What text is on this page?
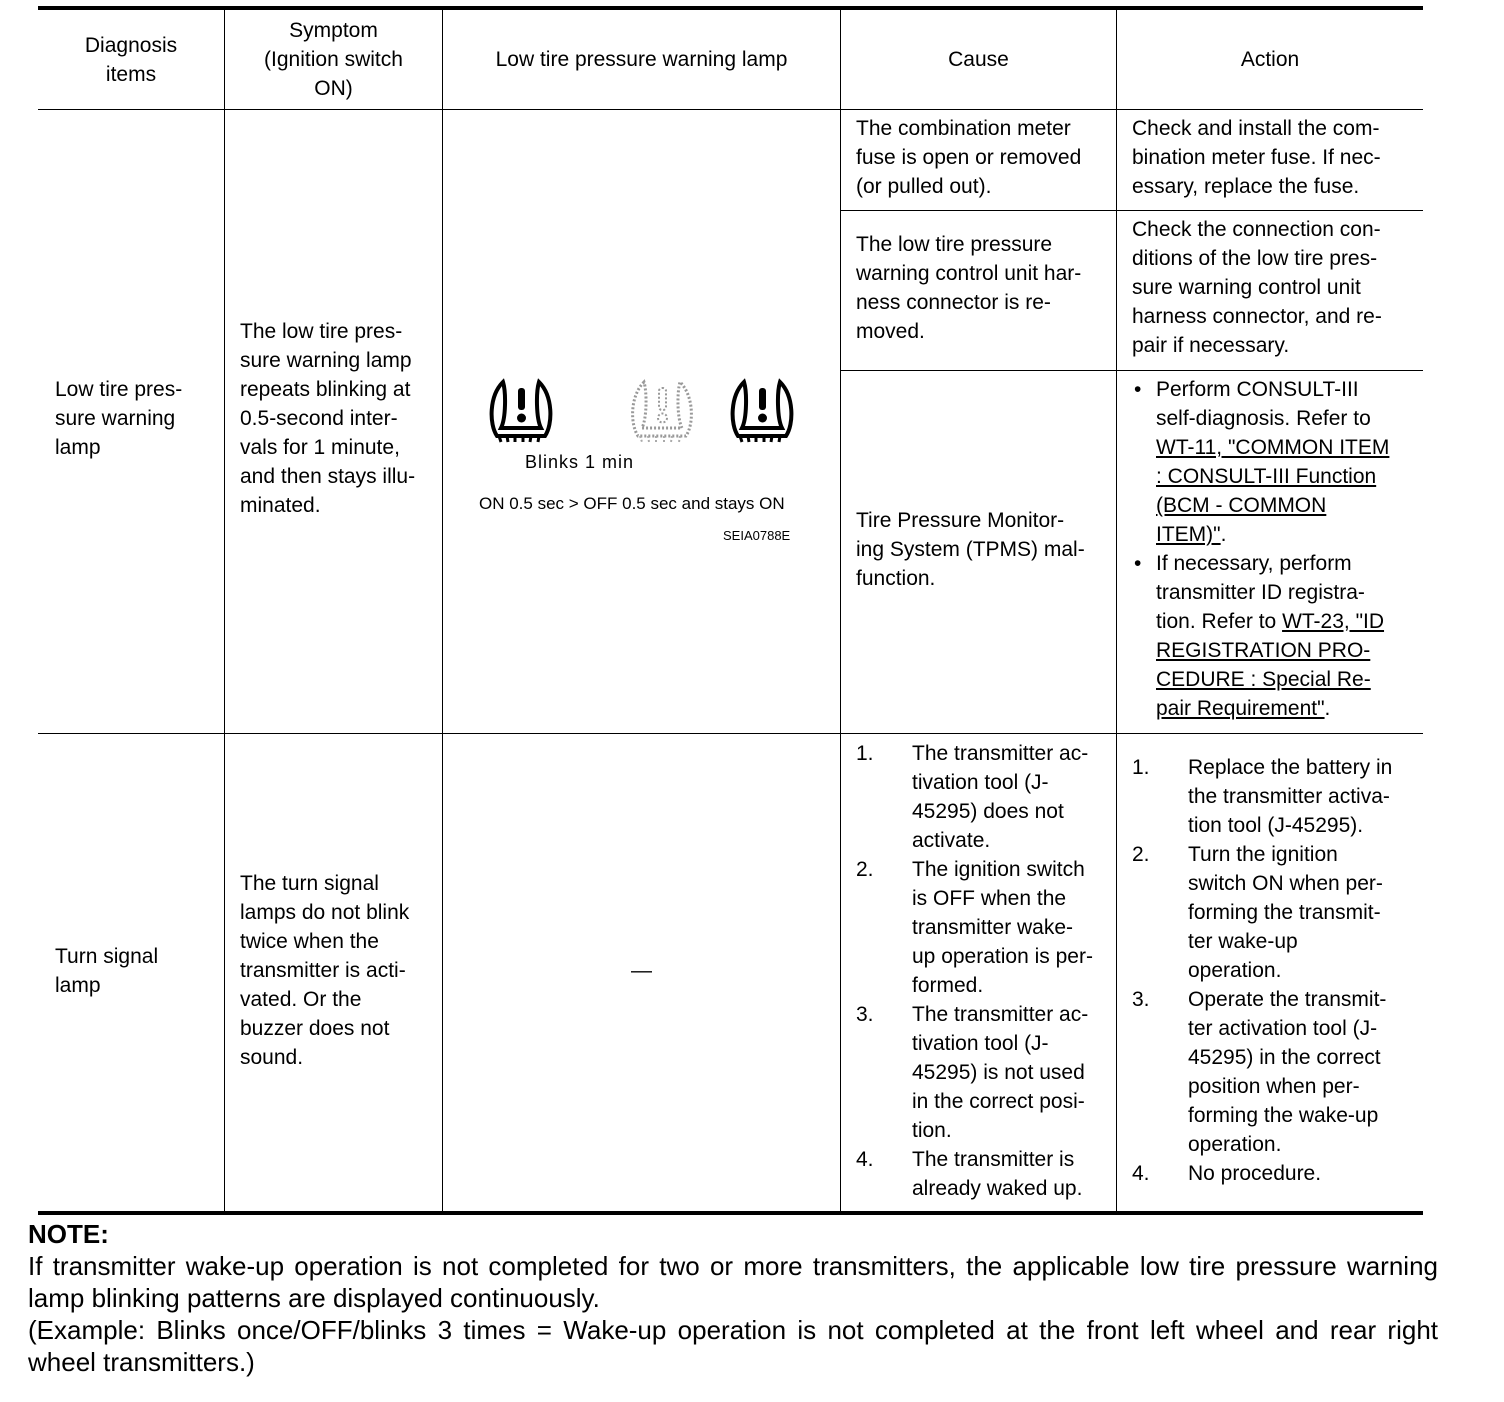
Diagnosis
items
Symptom
(Ignition switch
ON)
Low tire pressure warning lamp	Cause	Action
Low tire pres-
sure warning
lamp
The low tire pres-
sure warning lamp
repeats blinking at
0.5-second inter-
vals for 1 minute,
and then stays illu-
minated.
Blinks 1 min
ON 0.5 sec > OFF 0.5 sec and stays ON
SEIA0788E
The combination meter
fuse is open or removed
(or pulled out).
The low tire pressure
warning control unit har-
ness connector is re-
moved.
Tire Pressure Monitor-
ing System (TPMS) mal-
function.
Check and install the com-
bination meter fuse. If nec-
essary, replace the fuse.
Check the connection con-
ditions of the low tire pres-
sure warning control unit
harness connector, and re-
pair if necessary.
• Perform CONSULT-III
self-diagnosis. Refer to
WT-11, "COMMON ITEM
: CONSULT-III Function
(BCM - COMMON
ITEM)".
• If necessary, perform
transmitter ID registra-
tion. Refer to WT-23, "ID
REGISTRATION PRO-
CEDURE : Special Re-
pair Requirement".
Turn signal
lamp
The turn signal
lamps do not blink
twice when the
transmitter is acti-
vated. Or the
buzzer does not
sound.
—
1. The transmitter ac-
tivation tool (J-
45295) does not
activate.
2. The ignition switch
is OFF when the
transmitter wake-
up operation is per-
formed.
3. The transmitter ac-
tivation tool (J-
45295) is not used
in the correct posi-
tion.
4. The transmitter is
already waked up.
1. Replace the battery in
the transmitter activa-
tion tool (J-45295).
2. Turn the ignition
switch ON when per-
forming the transmit-
ter wake-up
operation.
3. Operate the transmit-
ter activation tool (J-
45295) in the correct
position when per-
forming the wake-up
operation.
4. No procedure.
NOTE:
If transmitter wake-up operation is not completed for two or more transmitters, the applicable low tire pressure warning lamp blinking patterns are displayed continuously.
(Example: Blinks once/OFF/blinks 3 times = Wake-up operation is not completed at the front left wheel and rear right wheel transmitters.)
